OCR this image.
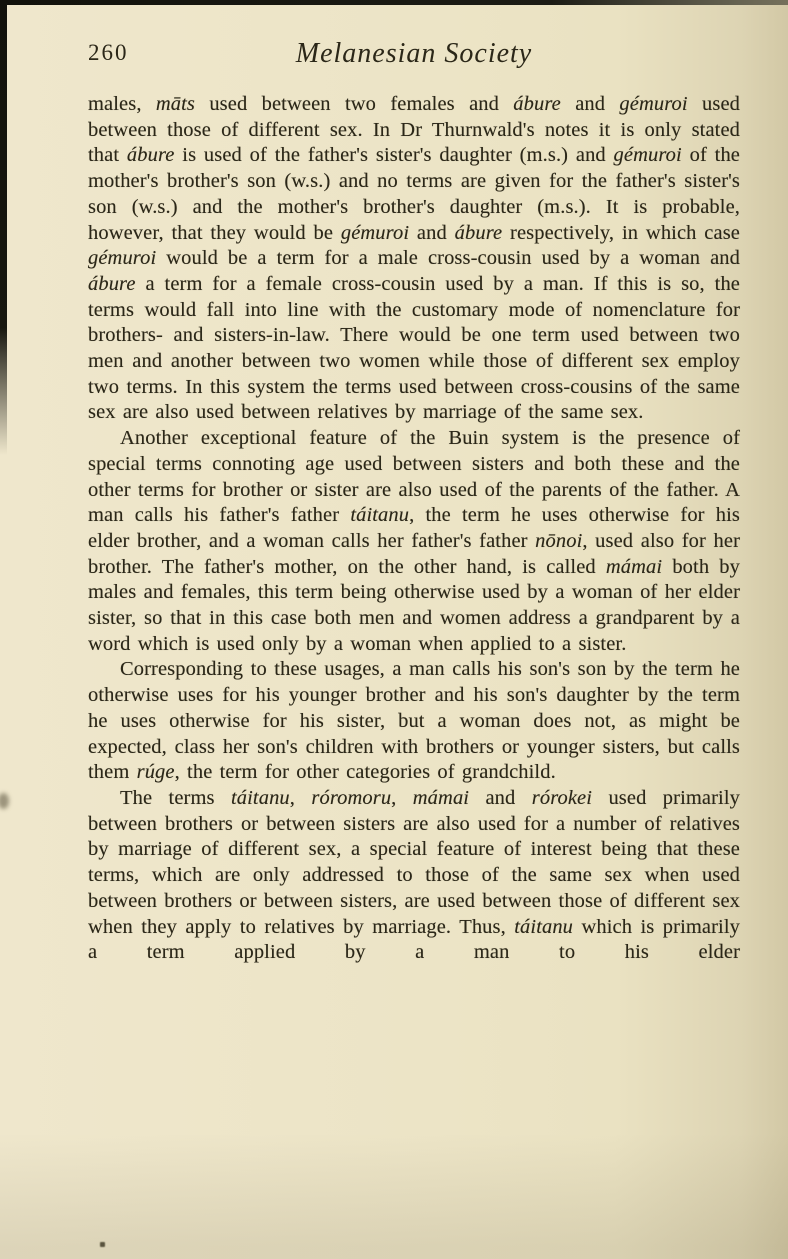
260	Melanesian Society

males, māts used between two females and ábure and gémuroi used between those of different sex. In Dr Thurnwald's notes it is only stated that ábure is used of the father's sister's daughter (m.s.) and gémuroi of the mother's brother's son (w.s.) and no terms are given for the father's sister's son (w.s.) and the mother's brother's daughter (m.s.). It is probable, however, that they would be gémuroi and ábure respectively, in which case gémuroi would be a term for a male cross-cousin used by a woman and ábure a term for a female cross-cousin used by a man. If this is so, the terms would fall into line with the customary mode of nomenclature for brothers- and sisters-in-law. There would be one term used between two men and another between two women while those of different sex employ two terms. In this system the terms used between cross-cousins of the same sex are also used between relatives by marriage of the same sex.

Another exceptional feature of the Buin system is the presence of special terms connoting age used between sisters and both these and the other terms for brother or sister are also used of the parents of the father. A man calls his father's father táitanu, the term he uses otherwise for his elder brother, and a woman calls her father's father nōnoi, used also for her brother. The father's mother, on the other hand, is called mámai both by males and females, this term being otherwise used by a woman of her elder sister, so that in this case both men and women address a grandparent by a word which is used only by a woman when applied to a sister.

Corresponding to these usages, a man calls his son's son by the term he otherwise uses for his younger brother and his son's daughter by the term he uses otherwise for his sister, but a woman does not, as might be expected, class her son's children with brothers or younger sisters, but calls them rúge, the term for other categories of grandchild.

The terms táitanu, róromoru, mámai and rórokei used primarily between brothers or between sisters are also used for a number of relatives by marriage of different sex, a special feature of interest being that these terms, which are only addressed to those of the same sex when used between brothers or between sisters, are used between those of different sex when they apply to relatives by marriage. Thus, táitanu which is primarily a term applied by a man to his elder
